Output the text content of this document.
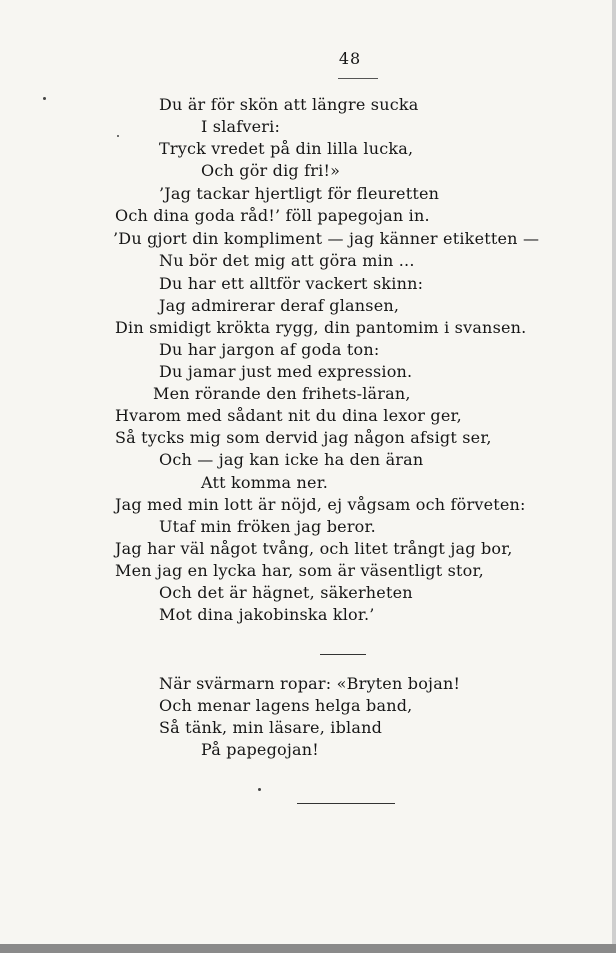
48
Du är för skön att längre sucka
I slafveri:
Tryck vredet på din lilla lucka,
Och gör dig fri!»
’Jag tackar hjertligt för fleuretten
Och dina goda råd!’ föll papegojan in.
’Du gjort din kompliment — jag känner etiketten —
Nu bör det mig att göra min ...
Du har ett alltför vackert skinn:
Jag admirerar deraf glansen,
Din smidigt krökta rygg, din pantomim i svansen.
Du har jargon af goda ton:
Du jamar just med expression.
Men rörande den frihets-läran,
Hvarom med sådant nit du dina lexor ger,
Så tycks mig som dervid jag någon afsigt ser,
Och — jag kan icke ha den äran
Att komma ner.
Jag med min lott är nöjd, ej vågsam och förveten:
Utaf min fröken jag beror.
Jag har väl något tvång, och litet trångt jag bor,
Men jag en lycka har, som är väsentligt stor,
Och det är hägnet, säkerheten
Mot dina jakobinska klor.’
När svärmarn ropar: «Bryten bojan!
Och menar lagens helga band,
Så tänk, min läsare, ibland
På papegojan!
